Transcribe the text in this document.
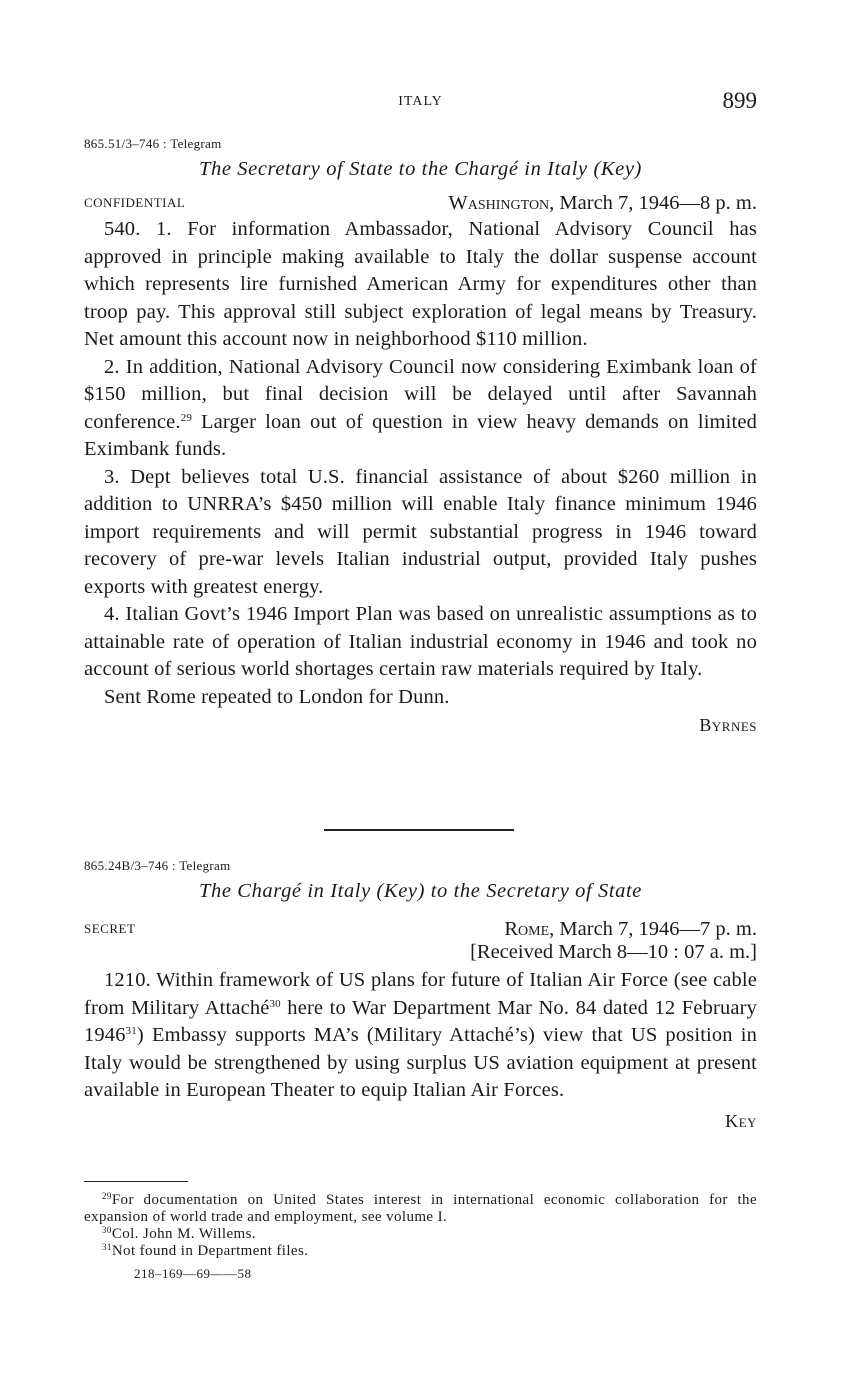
ITALY	899

865.51/3–746 : Telegram

The Secretary of State to the Chargé in Italy (Key)

CONFIDENTIAL	Washington, March 7, 1946—8 p. m.

540. 1. For information Ambassador, National Advisory Council has approved in principle making available to Italy the dollar suspense account which represents lire furnished American Army for expenditures other than troop pay. This approval still subject exploration of legal means by Treasury. Net amount this account now in neighborhood $110 million.

2. In addition, National Advisory Council now considering Eximbank loan of $150 million, but final decision will be delayed until after Savannah conference.$^{29}$ Larger loan out of question in view heavy demands on limited Eximbank funds.

3. Dept believes total U.S. financial assistance of about $260 million in addition to UNRRA’s $450 million will enable Italy finance minimum 1946 import requirements and will permit substantial progress in 1946 toward recovery of pre-war levels Italian industrial output, provided Italy pushes exports with greatest energy.

4. Italian Govt’s 1946 Import Plan was based on unrealistic assumptions as to attainable rate of operation of Italian industrial economy in 1946 and took no account of serious world shortages certain raw materials required by Italy.

Sent Rome repeated to London for Dunn.

Byrnes

865.24B/3–746 : Telegram

The Chargé in Italy (Key) to the Secretary of State

SECRET	Rome, March 7, 1946—7 p. m.

[Received March 8—10 : 07 a. m.]

1210. Within framework of US plans for future of Italian Air Force (see cable from Military Attaché$^{30}$ here to War Department Mar No. 84 dated 12 February 1946$^{31}$) Embassy supports MA’s (Military Attaché’s) view that US position in Italy would be strengthened by using surplus US aviation equipment at present available in European Theater to equip Italian Air Forces.

Key

$^{29}$For documentation on United States interest in international economic collaboration for the expansion of world trade and employment, see volume I.

$^{30}$Col. John M. Willems.

$^{31}$Not found in Department files.

218–169—69——58
